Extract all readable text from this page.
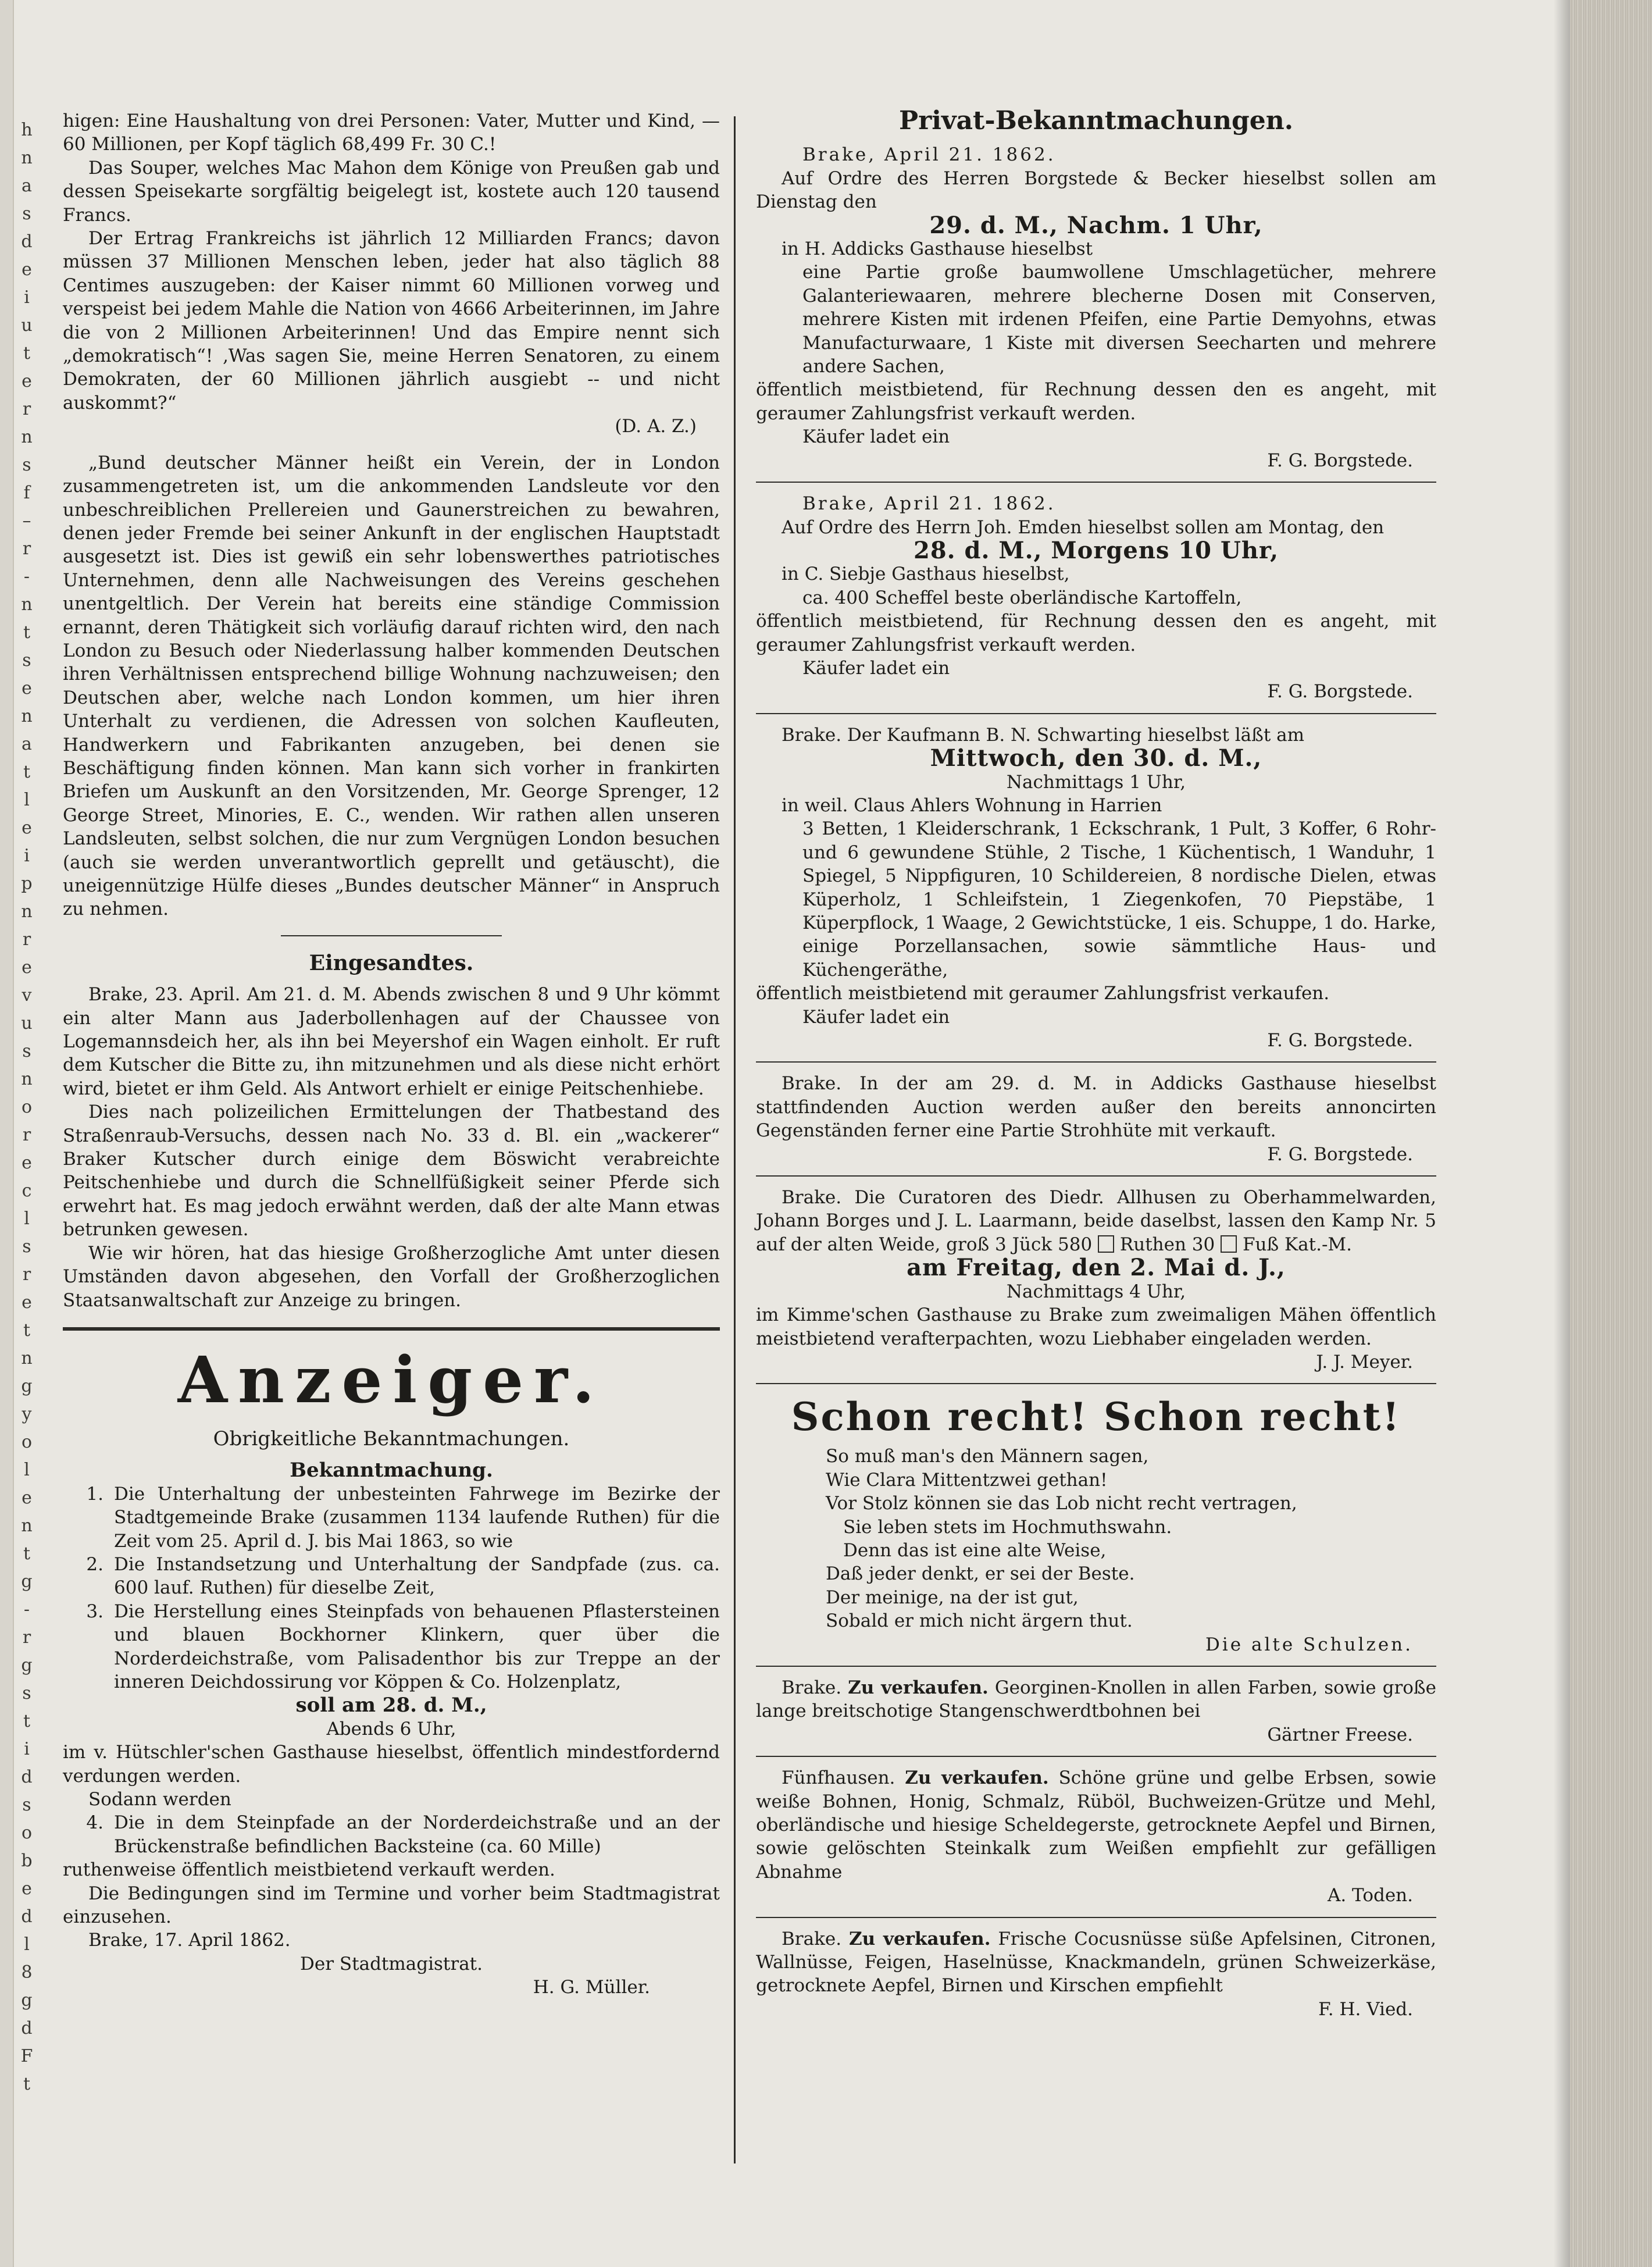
h
n
a
s
d
e
i
u
t
e
r
n
s
f
–
r
-
n
t
s
e
n
a
t
l
e
i
p
n
r
e
v
u
s
n
o
r
e
c
l
s
r
e
t
n
g
y
o
l
e
n
t
g
-
r
g
s
t
i
d
s
o
b
e
d
l
8
g
d
F
t

higen: Eine Haushaltung von drei Personen: Vater, Mutter und Kind, — 60 Millionen, per Kopf täglich 68,499 Fr. 30 C.!

Das Souper, welches Mac Mahon dem Könige von Preußen gab und dessen Speisekarte sorgfältig beigelegt ist, kostete auch 120 tausend Francs.

Der Ertrag Frankreichs ist jährlich 12 Milliarden Francs; davon müssen 37 Millionen Menschen leben, jeder hat also täglich 88 Centimes auszugeben: der Kaiser nimmt 60 Millionen vorweg und verspeist bei jedem Mahle die Nation von 4666 Arbeiterinnen, im Jahre die von 2 Millionen Arbeiterinnen! Und das Empire nennt sich „demokratisch“! ‚Was sagen Sie, meine Herren Senatoren, zu einem Demokraten, der 60 Millionen jährlich ausgiebt -- und nicht auskommt?“

(D. A. Z.)

„Bund deutscher Männer heißt ein Verein, der in London zusammengetreten ist, um die ankommenden Landsleute vor den unbeschreiblichen Prellereien und Gaunerstreichen zu bewahren, denen jeder Fremde bei seiner Ankunft in der englischen Hauptstadt ausgesetzt ist. Dies ist gewiß ein sehr lobenswerthes patriotisches Unternehmen, denn alle Nachweisungen des Vereins geschehen unentgeltlich. Der Verein hat bereits eine ständige Commission ernannt, deren Thätigkeit sich vorläufig darauf richten wird, den nach London zu Besuch oder Niederlassung halber kommenden Deutschen ihren Verhältnissen entsprechend billige Wohnung nachzuweisen; den Deutschen aber, welche nach London kommen, um hier ihren Unterhalt zu verdienen, die Adressen von solchen Kaufleuten, Handwerkern und Fabrikanten anzugeben, bei denen sie Beschäftigung finden können. Man kann sich vorher in frankirten Briefen um Auskunft an den Vorsitzenden, Mr. George Sprenger, 12 George Street, Minories, E. C., wenden. Wir rathen allen unseren Landsleuten, selbst solchen, die nur zum Vergnügen London besuchen (auch sie werden unverantwortlich geprellt und getäuscht), die uneigennützige Hülfe dieses „Bundes deutscher Männer“ in Anspruch zu nehmen.

Eingesandtes.

Brake, 23. April. Am 21. d. M. Abends zwischen 8 und 9 Uhr kömmt ein alter Mann aus Jaderbollenhagen auf der Chaussee von Logemannsdeich her, als ihn bei Meyershof ein Wagen einholt. Er ruft dem Kutscher die Bitte zu, ihn mitzunehmen und als diese nicht erhört wird, bietet er ihm Geld. Als Antwort erhielt er einige Peitschenhiebe.

Dies nach polizeilichen Ermittelungen der Thatbestand des Straßenraub-Versuchs, dessen nach No. 33 d. Bl. ein „wackerer“ Braker Kutscher durch einige dem Böswicht verabreichte Peitschenhiebe und durch die Schnellfüßigkeit seiner Pferde sich erwehrt hat. Es mag jedoch erwähnt werden, daß der alte Mann etwas betrunken gewesen.

Wie wir hören, hat das hiesige Großherzogliche Amt unter diesen Umständen davon abgesehen, den Vorfall der Großherzoglichen Staatsanwaltschaft zur Anzeige zu bringen.

Anzeiger.
Obrigkeitliche Bekanntmachungen.
Bekanntmachung.
1. Die Unterhaltung der unbesteinten Fahrwege im Bezirke der Stadtgemeinde Brake (zusammen 1134 laufende Ruthen) für die Zeit vom 25. April d. J. bis Mai 1863, so wie
2. Die Instandsetzung und Unterhaltung der Sandpfade (zus. ca. 600 lauf. Ruthen) für dieselbe Zeit,
3. Die Herstellung eines Steinpfads von behauenen Pflastersteinen und blauen Bockhorner Klinkern, quer über die Norderdeichstraße, vom Palisadenthor bis zur Treppe an der inneren Deichdossirung vor Köppen & Co. Holzenplatz,

soll am 28. d. M.,

Abends 6 Uhr,

im v. Hütschler'schen Gasthause hieselbst, öffentlich mindestfordernd verdungen werden.

Sodann werden

4. Die in dem Steinpfade an der Norderdeichstraße und an der Brückenstraße befindlichen Backsteine (ca. 60 Mille)

ruthenweise öffentlich meistbietend verkauft werden.

Die Bedingungen sind im Termine und vorher beim Stadtmagistrat einzusehen.

Brake, 17. April 1862.

Der Stadtmagistrat.

H. G. Müller.

Privat-Bekanntmachungen.

Brake, April 21. 1862.

Auf Ordre des Herren Borgstede & Becker hieselbst sollen am Dienstag den

29. d. M., Nachm. 1 Uhr,

in H. Addicks Gasthause hieselbst

eine Partie große baumwollene Umschlagetücher, mehrere Galanteriewaaren, mehrere blecherne Dosen mit Conserven, mehrere Kisten mit irdenen Pfeifen, eine Partie Demyohns, etwas Manufacturwaare, 1 Kiste mit diversen Seecharten und mehrere andere Sachen,

öffentlich meistbietend, für Rechnung dessen den es angeht, mit geraumer Zahlungsfrist verkauft werden.

Käufer ladet ein

F. G. Borgstede.

Brake, April 21. 1862.

Auf Ordre des Herrn Joh. Emden hieselbst sollen am Montag, den

28. d. M., Morgens 10 Uhr,

in C. Siebje Gasthaus hieselbst,

ca. 400 Scheffel beste oberländische Kartoffeln,

öffentlich meistbietend, für Rechnung dessen den es angeht, mit geraumer Zahlungsfrist verkauft werden.

Käufer ladet ein

F. G. Borgstede.

Brake. Der Kaufmann B. N. Schwarting hieselbst läßt am

Mittwoch, den 30. d. M.,

Nachmittags 1 Uhr,

in weil. Claus Ahlers Wohnung in Harrien

3 Betten, 1 Kleiderschrank, 1 Eckschrank, 1 Pult, 3 Koffer, 6 Rohr- und 6 gewundene Stühle, 2 Tische, 1 Küchentisch, 1 Wanduhr, 1 Spiegel, 5 Nippfiguren, 10 Schildereien, 8 nordische Dielen, etwas Küperholz, 1 Schleifstein, 1 Ziegenkofen, 70 Piepstäbe, 1 Küperpflock, 1 Waage, 2 Gewichtstücke, 1 eis. Schuppe, 1 do. Harke, einige Porzellansachen, sowie sämmtliche Haus- und Küchengeräthe,

öffentlich meistbietend mit geraumer Zahlungsfrist verkaufen.

Käufer ladet ein

F. G. Borgstede.

Brake. In der am 29. d. M. in Addicks Gasthause hieselbst stattfindenden Auction werden außer den bereits annoncirten Gegenständen ferner eine Partie Strohhüte mit verkauft.

F. G. Borgstede.

Brake. Die Curatoren des Diedr. Allhusen zu Oberhammelwarden, Johann Borges und J. L. Laarmann, beide daselbst, lassen den Kamp Nr. 5 auf der alten Weide, groß 3 Jück 580 Ruthen 30 Fuß Kat.-M.

am Freitag, den 2. Mai d. J.,

Nachmittags 4 Uhr,

im Kimme'schen Gasthause zu Brake zum zweimaligen Mähen öffentlich meistbietend verafterpachten, wozu Liebhaber eingeladen werden.

J. J. Meyer.

Schon recht! Schon recht!

So muß man's den Männern sagen,

Wie Clara Mittentzwei gethan!

Vor Stolz können sie das Lob nicht recht vertragen,

Sie leben stets im Hochmuthswahn.

Denn das ist eine alte Weise,

Daß jeder denkt, er sei der Beste.

Der meinige, na der ist gut,

Sobald er mich nicht ärgern thut.

Die alte Schulzen.

Brake. Zu verkaufen. Georginen-Knollen in allen Farben, sowie große lange breitschotige Stangenschwerdtbohnen bei

Gärtner Freese.

Fünfhausen. Zu verkaufen. Schöne grüne und gelbe Erbsen, sowie weiße Bohnen, Honig, Schmalz, Rüböl, Buchweizen-Grütze und Mehl, oberländische und hiesige Scheldegerste, getrocknete Aepfel und Birnen, sowie gelöschten Steinkalk zum Weißen empfiehlt zur gefälligen Abnahme

A. Toden.

Brake. Zu verkaufen. Frische Cocusnüsse süße Apfelsinen, Citronen, Wallnüsse, Feigen, Haselnüsse, Knackmandeln, grünen Schweizerkäse, getrocknete Aepfel, Birnen und Kirschen empfiehlt

F. H. Vied.
